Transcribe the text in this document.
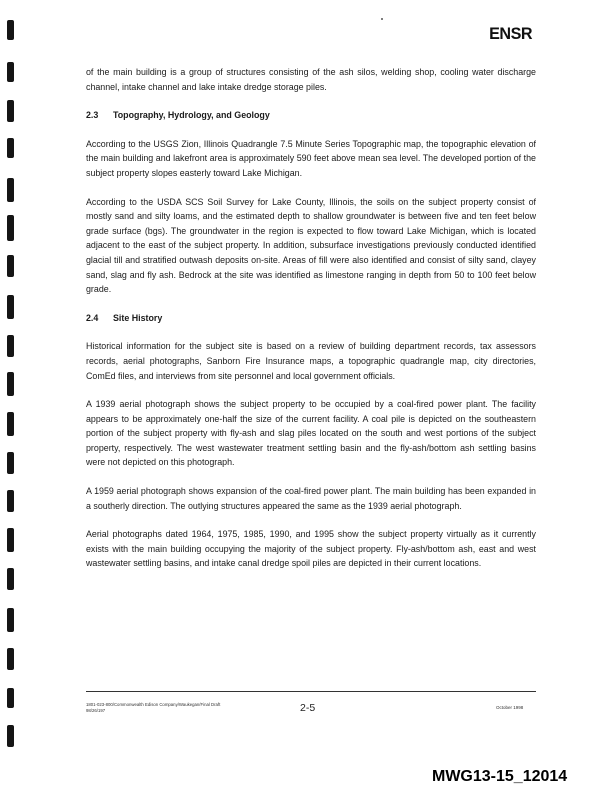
ENSR

of the main building is a group of structures consisting of the ash silos, welding shop, cooling water discharge channel, intake channel and lake intake dredge storage piles.

2.3 Topography, Hydrology, and Geology

According to the USGS Zion, Illinois Quadrangle 7.5 Minute Series Topographic map, the topographic elevation of the main building and lakefront area is approximately 590 feet above mean sea level. The developed portion of the subject property slopes easterly toward Lake Michigan.

According to the USDA SCS Soil Survey for Lake County, Illinois, the soils on the subject property consist of mostly sand and silty loams, and the estimated depth to shallow groundwater is between five and ten feet below grade surface (bgs). The groundwater in the region is expected to flow toward Lake Michigan, which is located adjacent to the east of the subject property. In addition, subsurface investigations previously conducted identified glacial till and stratified outwash deposits on-site. Areas of fill were also identified and consist of silty sand, clayey sand, slag and fly ash. Bedrock at the site was identified as limestone ranging in depth from 50 to 100 feet below grade.

2.4 Site History

Historical information for the subject site is based on a review of building department records, tax assessors records, aerial photographs, Sanborn Fire Insurance maps, a topographic quadrangle map, city directories, ComEd files, and interviews from site personnel and local government officials.

A 1939 aerial photograph shows the subject property to be occupied by a coal-fired power plant. The facility appears to be approximately one-half the size of the current facility. A coal pile is depicted on the southeastern portion of the subject property with fly-ash and slag piles located on the south and west portions of the subject property, respectively. The west wastewater treatment settling basin and the fly-ash/bottom ash settling basins were not depicted on this photograph.

A 1959 aerial photograph shows expansion of the coal-fired power plant. The main building has been expanded in a southerly direction. The outlying structures appeared the same as the 1939 aerial photograph.

Aerial photographs dated 1964, 1975, 1985, 1990, and 1995 show the subject property virtually as it currently exists with the main building occupying the majority of the subject property. Fly-ash/bottom ash, east and west wastewater settling basins, and intake canal dredge spoil piles are depicted in their current locations.

1801-023-800/Commonwealth Edison Company/Waukegan/Final Draft
98/26/197	2-5	October 1998
MWG13-15_12014
